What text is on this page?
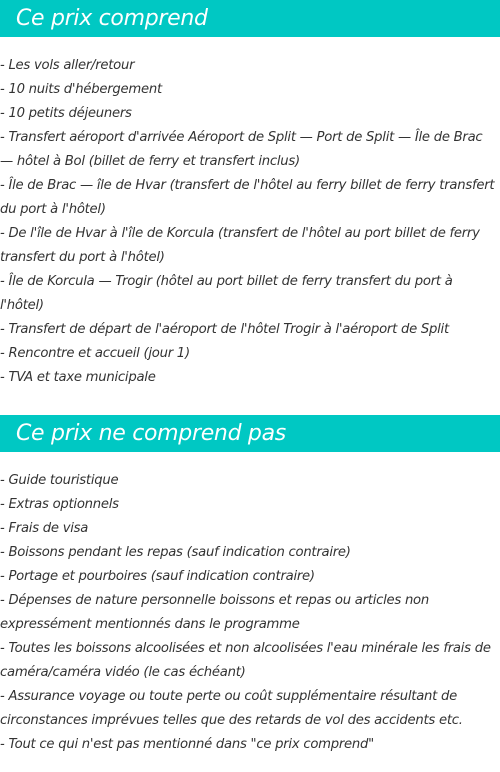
Ce prix comprend
- Les vols aller/retour
- 10 nuits d'hébergement
- 10 petits déjeuners
- Transfert aéroport d'arrivée Aéroport de Split — Port de Split — Île de Brac — hôtel à Bol (billet de ferry et transfert inclus)
- Île de Brac — île de Hvar (transfert de l'hôtel au ferry billet de ferry transfert du port à l'hôtel)
- De l'île de Hvar à l'île de Korcula (transfert de l'hôtel au port billet de ferry transfert du port à l'hôtel)
- Île de Korcula — Trogir (hôtel au port billet de ferry transfert du port à l'hôtel)
- Transfert de départ de l'aéroport de l'hôtel Trogir à l'aéroport de Split
- Rencontre et accueil (jour 1)
- TVA et taxe municipale
Ce prix ne comprend pas
- Guide touristique
- Extras optionnels
- Frais de visa
- Boissons pendant les repas (sauf indication contraire)
- Portage et pourboires (sauf indication contraire)
- Dépenses de nature personnelle boissons et repas ou articles non expressément mentionnés dans le programme
- Toutes les boissons alcoolisées et non alcoolisées l'eau minérale les frais de caméra/caméra vidéo (le cas échéant)
- Assurance voyage ou toute perte ou coût supplémentaire résultant de circonstances imprévues telles que des retards de vol des accidents etc.
- Tout ce qui n'est pas mentionné dans "ce prix comprend"
